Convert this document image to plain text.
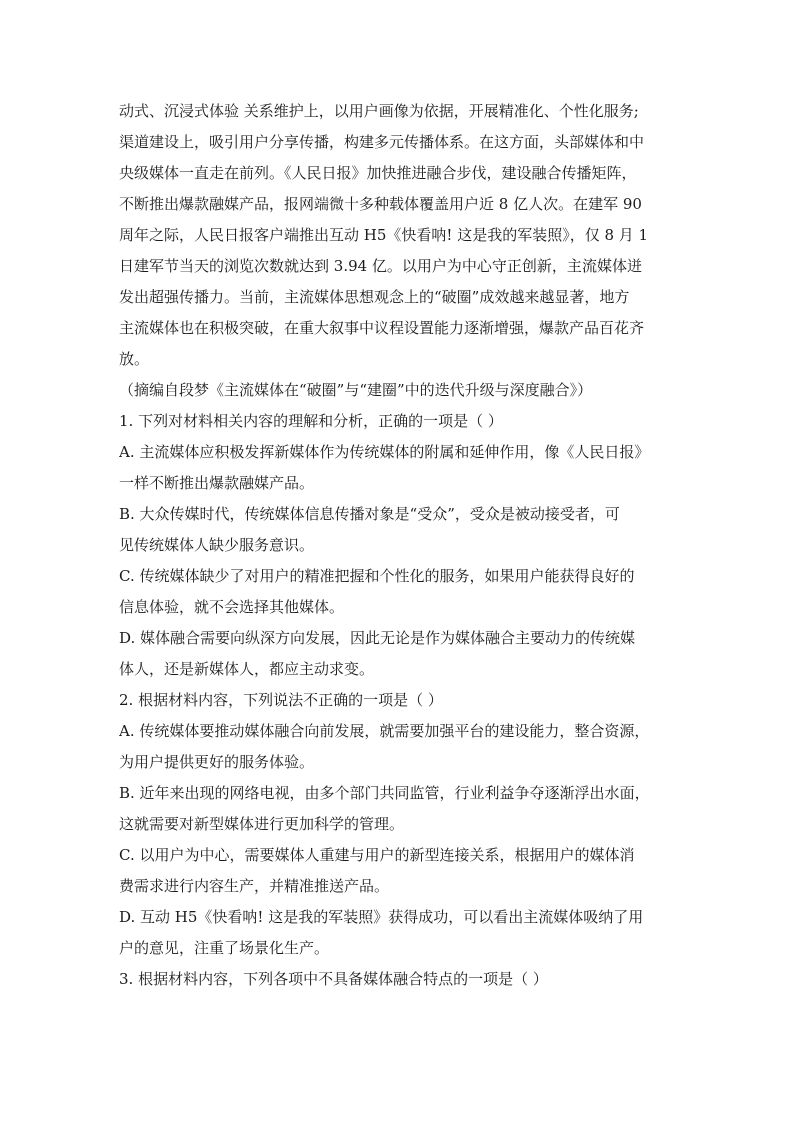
动式、沉浸式体验 关系维护上，以用户画像为依据，开展精准化、个性化服务;
渠道建设上，吸引用户分享传播，构建多元传播体系。在这方面，头部媒体和中
央级媒体一直走在前列。《人民日报》加快推进融合步伐，建设融合传播矩阵，
不断推出爆款融媒产品，报网端微十多种载体覆盖用户近 8 亿人次。在建军 90
周年之际，人民日报客户端推出互动 H5《快看呐! 这是我的军装照》，仅 8 月 1
日建军节当天的浏览次数就达到 3.94 亿。以用户为中心守正创新，主流媒体迸
发出超强传播力。当前，主流媒体思想观念上的“破圈”成效越来越显著，地方
主流媒体也在积极突破，在重大叙事中议程设置能力逐渐增强，爆款产品百花齐
放。
（摘编自段梦《主流媒体在“破圈”与“建圈”中的迭代升级与深度融合》）
1. 下列对材料相关内容的理解和分析，正确的一项是（ ）
A. 主流媒体应积极发挥新媒体作为传统媒体的附属和延伸作用，像《人民日报》
一样不断推出爆款融媒产品。
B. 大众传媒时代，传统媒体信息传播对象是“受众”，受众是被动接受者，可
见传统媒体人缺少服务意识。
C. 传统媒体缺少了对用户的精准把握和个性化的服务，如果用户能获得良好的
信息体验，就不会选择其他媒体。
D. 媒体融合需要向纵深方向发展，因此无论是作为媒体融合主要动力的传统媒
体人，还是新媒体人，都应主动求变。
2. 根据材料内容，下列说法不正确的一项是（ ）
A. 传统媒体要推动媒体融合向前发展，就需要加强平台的建设能力，整合资源，
为用户提供更好的服务体验。
B. 近年来出现的网络电视，由多个部门共同监管，行业利益争夺逐渐浮出水面，
这就需要对新型媒体进行更加科学的管理。
C. 以用户为中心，需要媒体人重建与用户的新型连接关系，根据用户的媒体消
费需求进行内容生产，并精准推送产品。
D. 互动 H5《快看呐! 这是我的军装照》获得成功，可以看出主流媒体吸纳了用
户的意见，注重了场景化生产。
3. 根据材料内容，下列各项中不具备媒体融合特点的一项是（ ）
